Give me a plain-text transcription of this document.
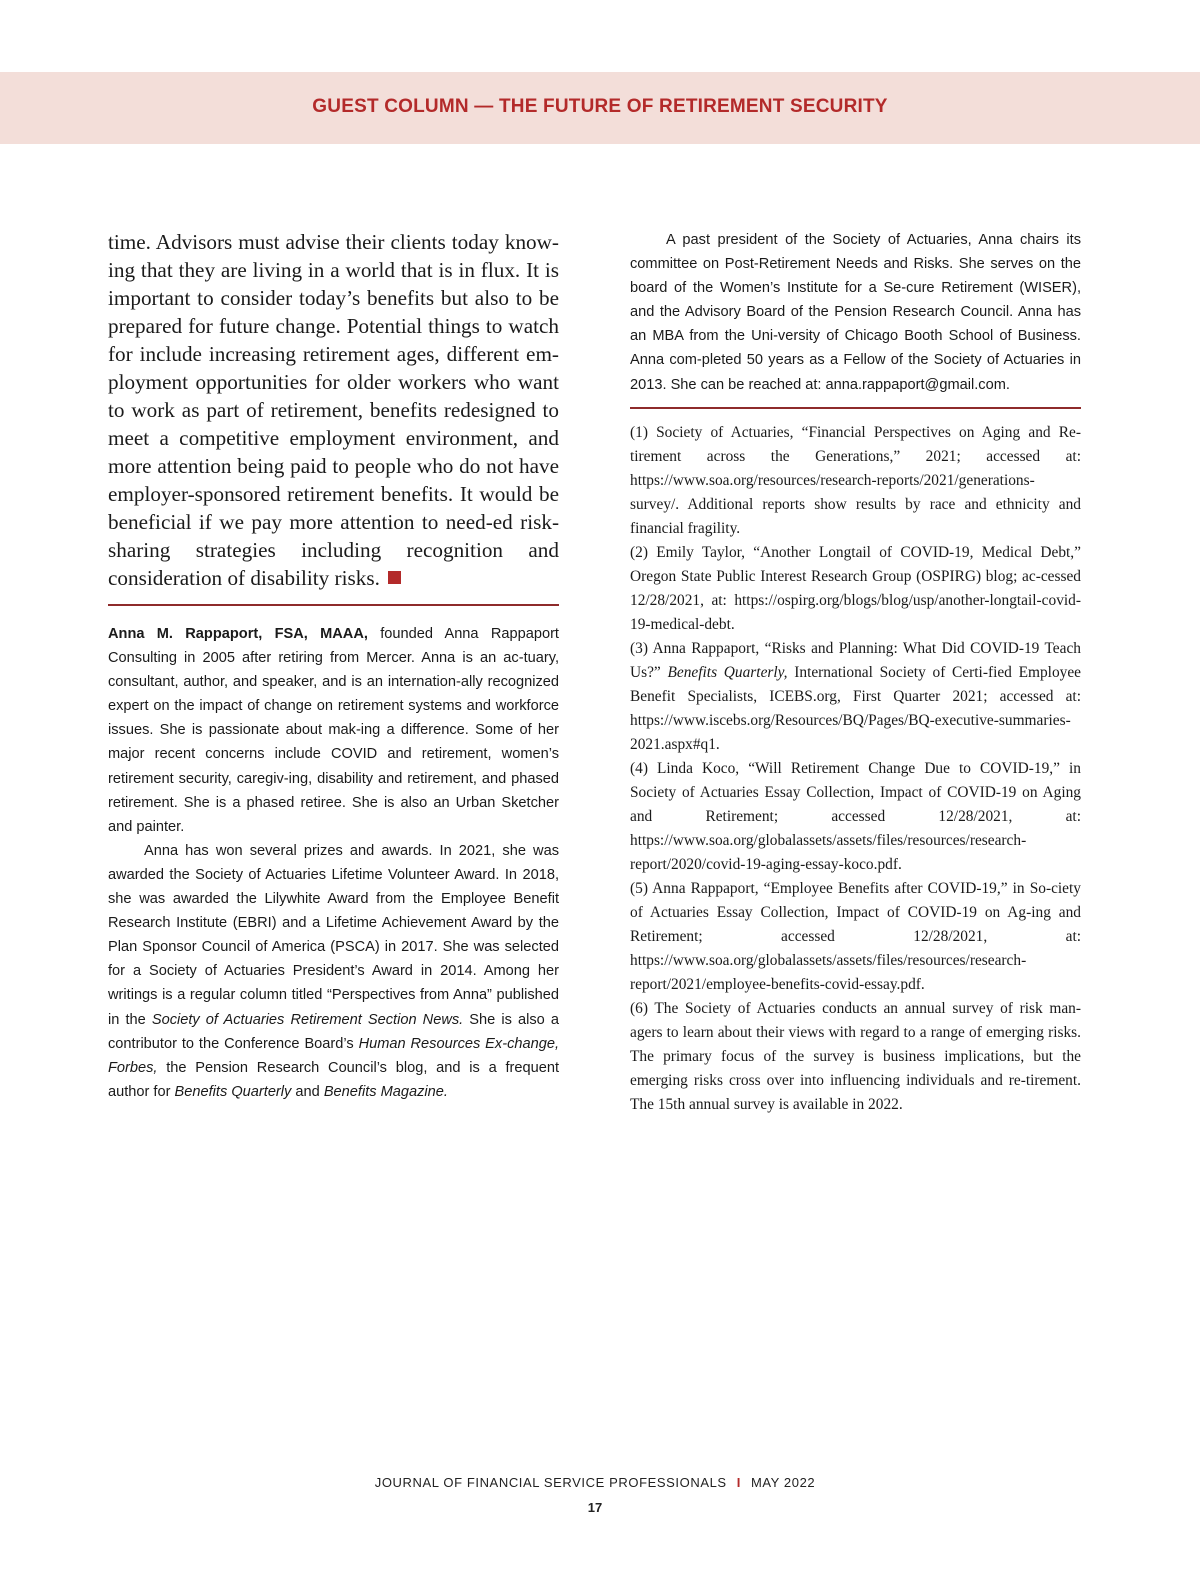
GUEST COLUMN — THE FUTURE OF RETIREMENT SECURITY

time. Advisors must advise their clients today know-ing that they are living in a world that is in flux. It is important to consider today’s benefits but also to be prepared for future change. Potential things to watch for include increasing retirement ages, different em-ployment opportunities for older workers who want to work as part of retirement, benefits redesigned to meet a competitive employment environment, and more attention being paid to people who do not have employer-sponsored retirement benefits. It would be beneficial if we pay more attention to need-ed risk-sharing strategies including recognition and consideration of disability risks.

Anna M. Rappaport, FSA, MAAA, founded Anna Rappaport Consulting in 2005 after retiring from Mercer. Anna is an ac-tuary, consultant, author, and speaker, and is an internation-ally recognized expert on the impact of change on retirement systems and workforce issues. She is passionate about mak-ing a difference. Some of her major recent concerns include COVID and retirement, women’s retirement security, caregiv-ing, disability and retirement, and phased retirement. She is a phased retiree. She is also an Urban Sketcher and painter.

Anna has won several prizes and awards. In 2021, she was awarded the Society of Actuaries Lifetime Volunteer Award. In 2018, she was awarded the Lilywhite Award from the Employee Benefit Research Institute (EBRI) and a Lifetime Achievement Award by the Plan Sponsor Council of America (PSCA) in 2017. She was selected for a Society of Actuaries President’s Award in 2014. Among her writings is a regular column titled “Perspectives from Anna” published in the Society of Actuaries Retirement Section News. She is also a contributor to the Conference Board’s Human Resources Ex-change, Forbes, the Pension Research Council’s blog, and is a frequent author for Benefits Quarterly and Benefits Magazine.

A past president of the Society of Actuaries, Anna chairs its committee on Post-Retirement Needs and Risks. She serves on the board of the Women’s Institute for a Se-cure Retirement (WISER), and the Advisory Board of the Pension Research Council. Anna has an MBA from the Uni-versity of Chicago Booth School of Business. Anna com-pleted 50 years as a Fellow of the Society of Actuaries in 2013. She can be reached at: anna.rappaport@gmail.com.

(1) Society of Actuaries, “Financial Perspectives on Aging and Re-tirement across the Generations,” 2021; accessed at: https://www.soa.org/resources/research-reports/2021/generations-survey/. Additional reports show results by race and ethnicity and financial fragility.

(2) Emily Taylor, “Another Longtail of COVID-19, Medical Debt,” Oregon State Public Interest Research Group (OSPIRG) blog; ac-cessed 12/28/2021, at: https://ospirg.org/blogs/blog/usp/another-longtail-covid-19-medical-debt.

(3) Anna Rappaport, “Risks and Planning: What Did COVID-19 Teach Us?” Benefits Quarterly, International Society of Certi-fied Employee Benefit Specialists, ICEBS.org, First Quarter 2021; accessed at: https://www.iscebs.org/Resources/BQ/Pages/BQ-executive-summaries-2021.aspx#q1.

(4) Linda Koco, “Will Retirement Change Due to COVID-19,” in Society of Actuaries Essay Collection, Impact of COVID-19 on Aging and Retirement; accessed 12/28/2021, at: https://www.soa.org/globalassets/assets/files/resources/research-report/2020/covid-19-aging-essay-koco.pdf.

(5) Anna Rappaport, “Employee Benefits after COVID-19,” in So-ciety of Actuaries Essay Collection, Impact of COVID-19 on Ag-ing and Retirement; accessed 12/28/2021, at: https://www.soa.org/globalassets/assets/files/resources/research-report/2021/employee-benefits-covid-essay.pdf.

(6) The Society of Actuaries conducts an annual survey of risk man-agers to learn about their views with regard to a range of emerging risks. The primary focus of the survey is business implications, but the emerging risks cross over into influencing individuals and re-tirement. The 15th annual survey is available in 2022.

JOURNAL OF FINANCIAL SERVICE PROFESSIONALS I MAY 2022
17
